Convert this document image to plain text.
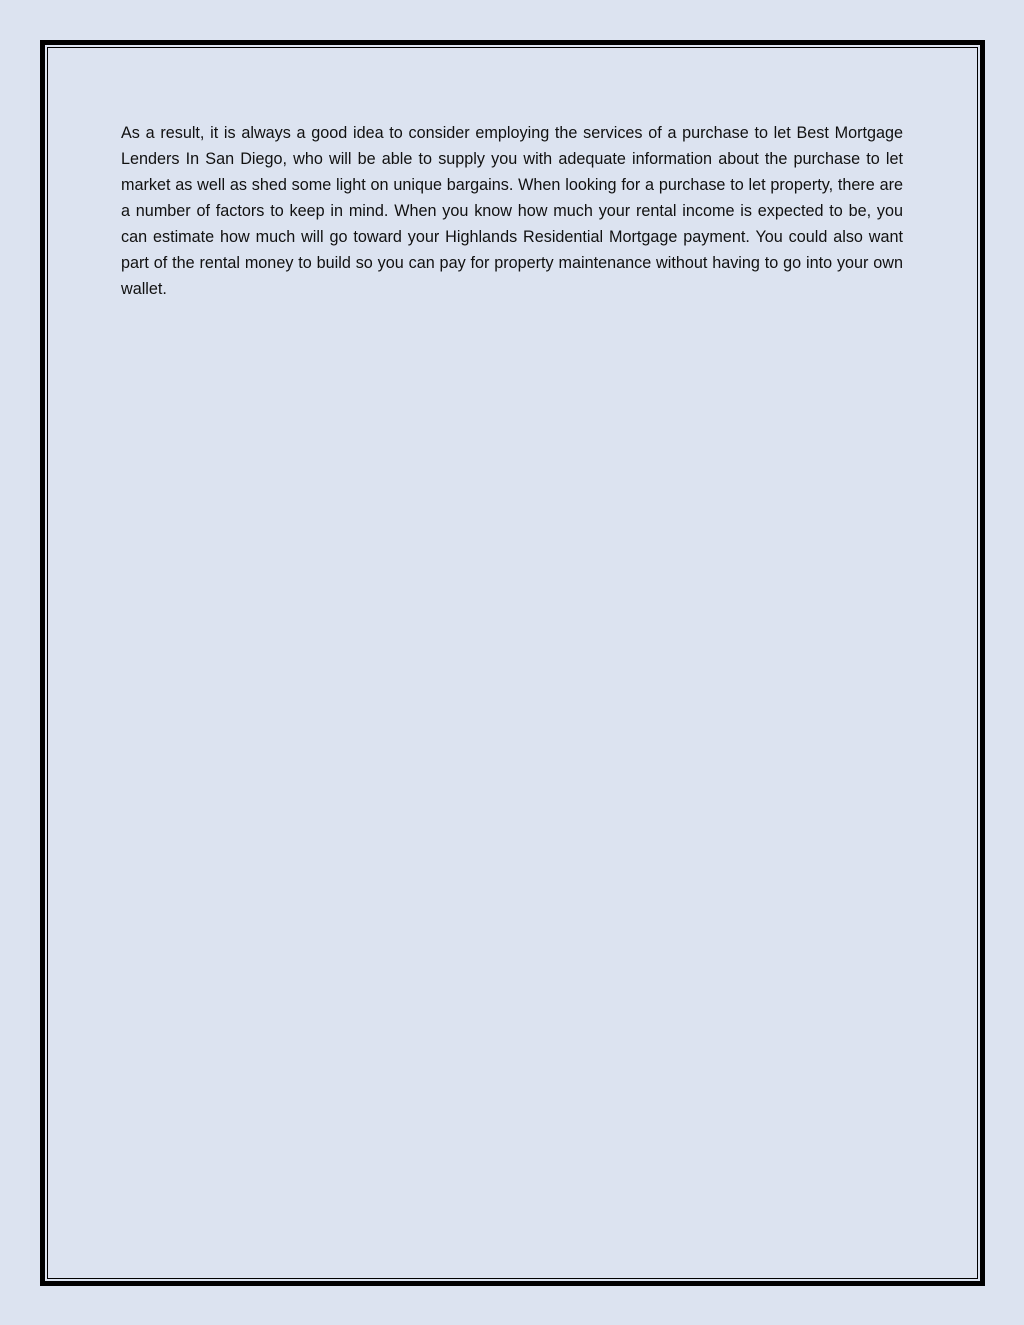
As a result, it is always a good idea to consider employing the services of a purchase to let Best Mortgage Lenders In San Diego, who will be able to supply you with adequate information about the purchase to let market as well as shed some light on unique bargains. When looking for a purchase to let property, there are a number of factors to keep in mind. When you know how much your rental income is expected to be, you can estimate how much will go toward your Highlands Residential Mortgage payment. You could also want part of the rental money to build so you can pay for property maintenance without having to go into your own wallet.
